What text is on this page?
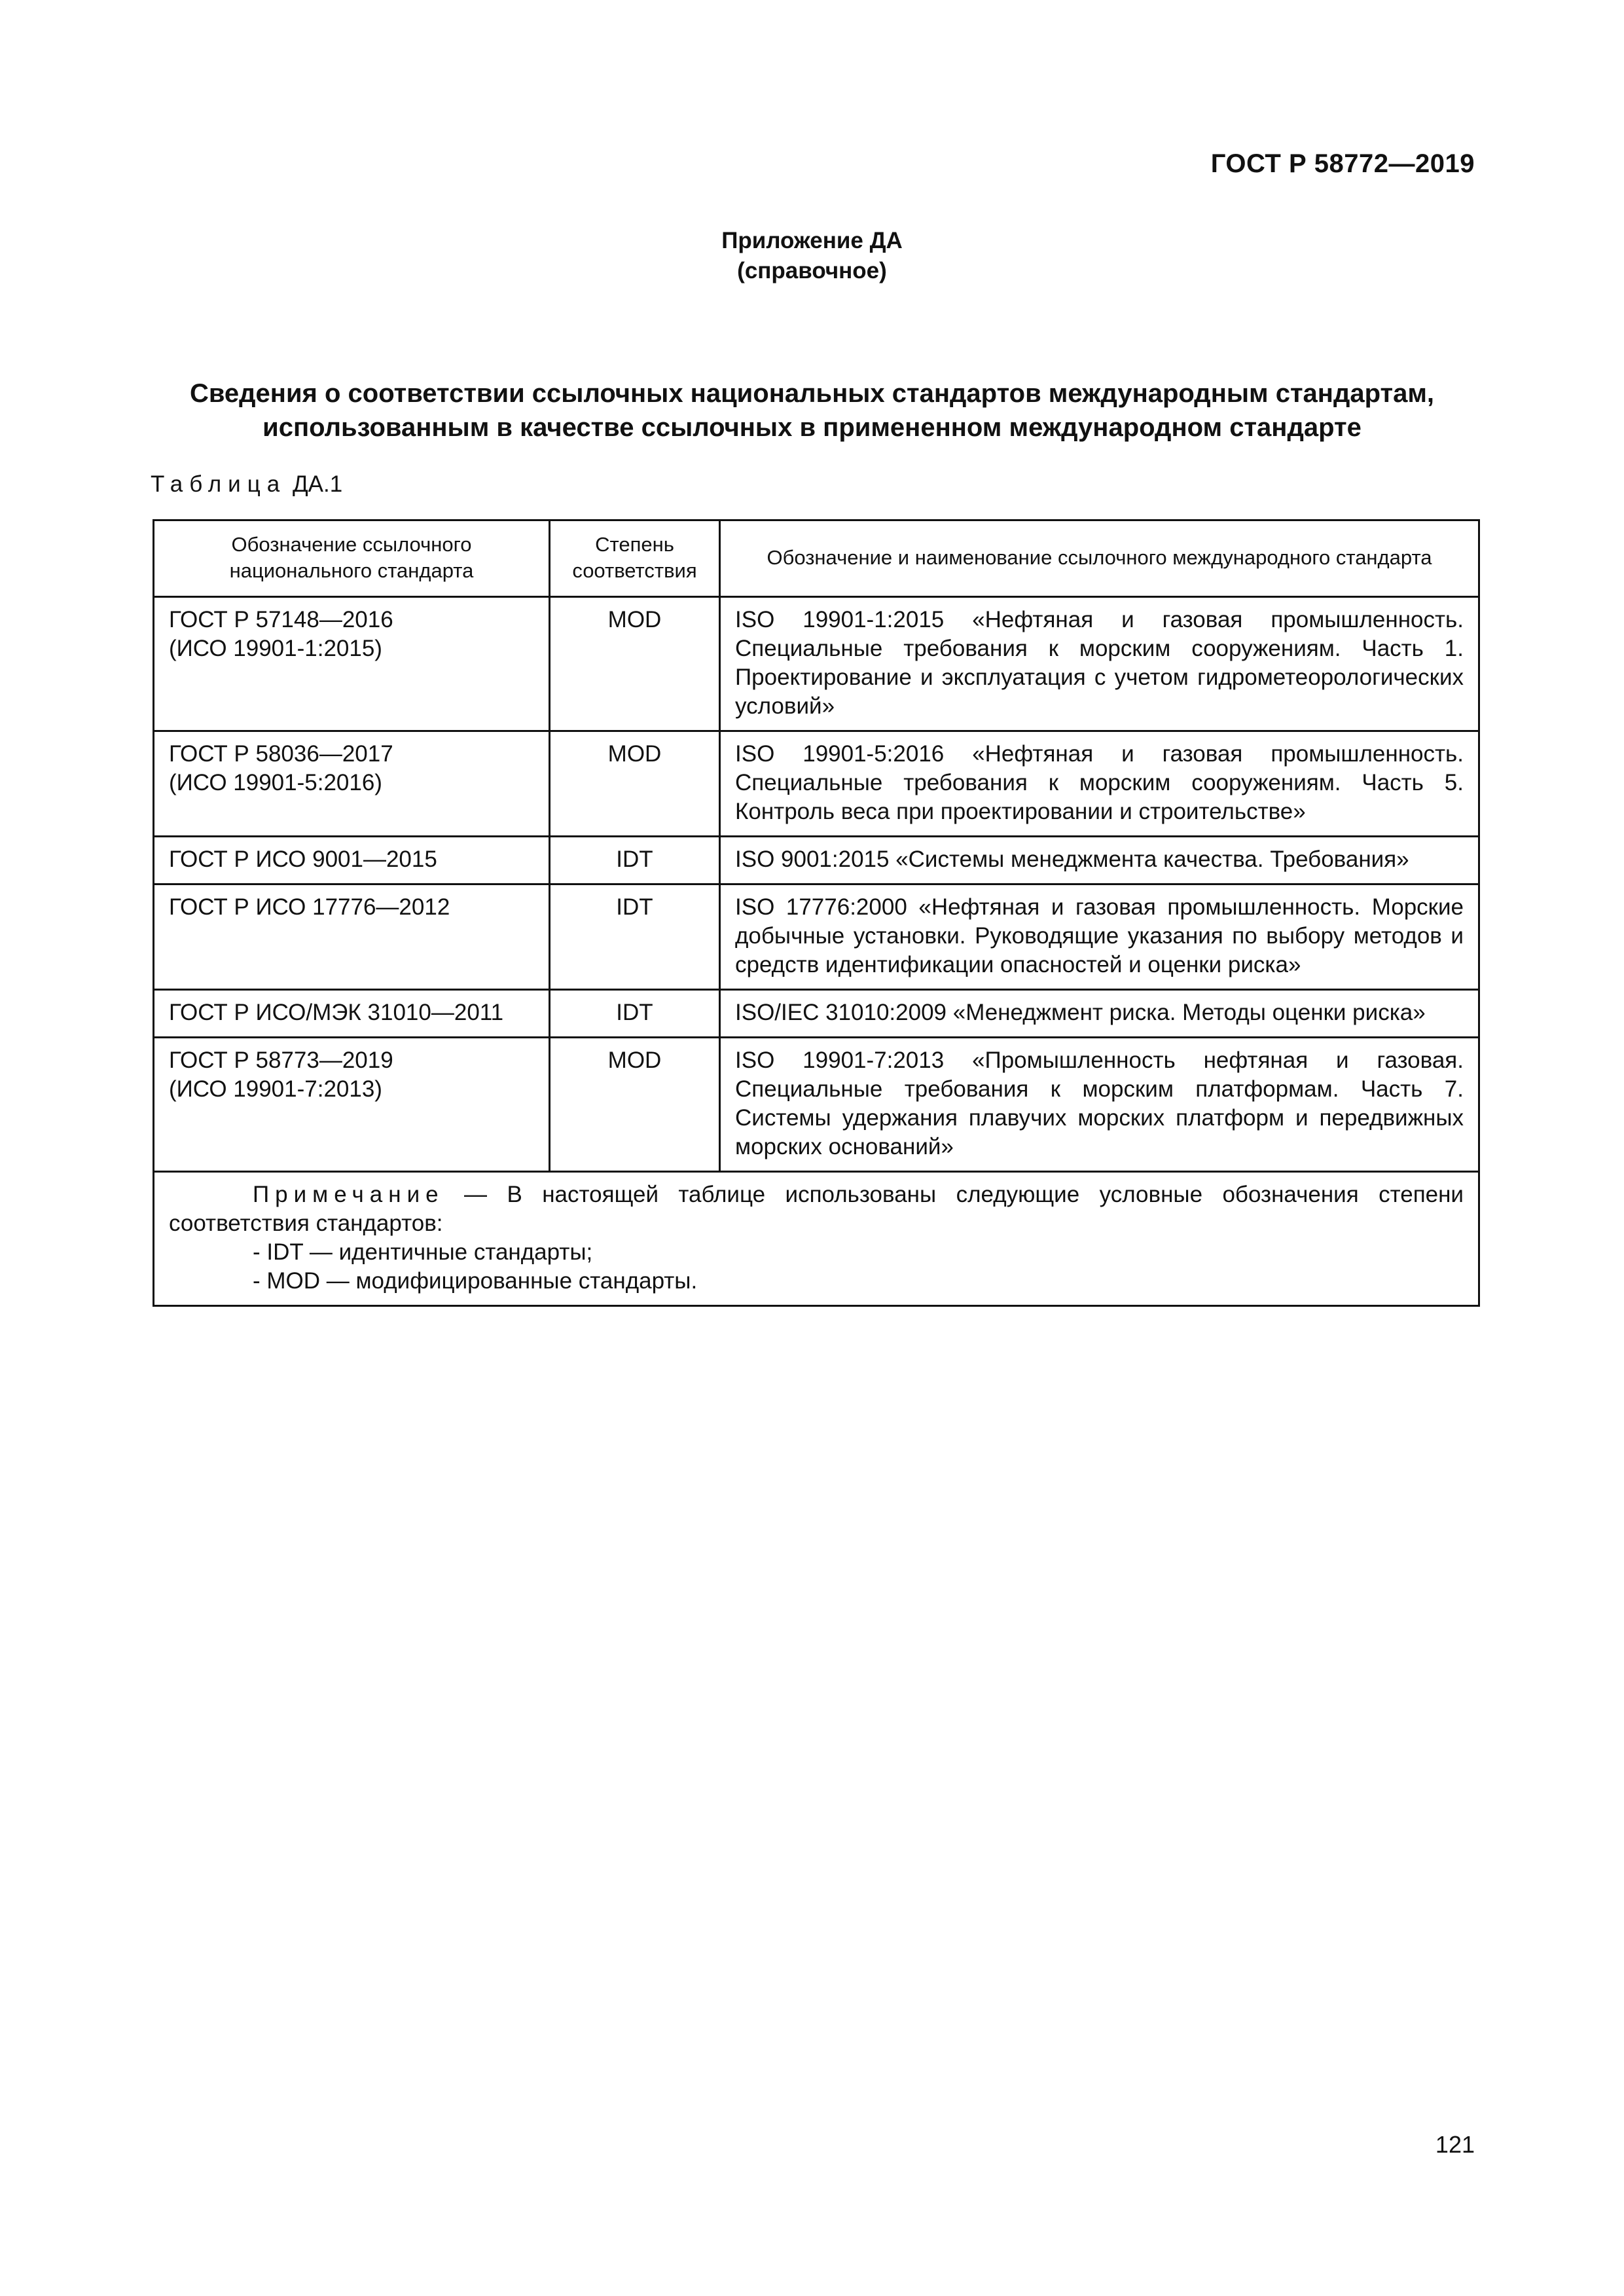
ГОСТ Р 58772—2019
Приложение ДА
(справочное)
Сведения о соответствии ссылочных национальных стандартов международным стандартам,
использованным в качестве ссылочных в примененном международном стандарте
Таблица ДА.1
Обозначение ссылочного национального стандарта	Степень соответствия	Обозначение и наименование ссылочного международного стандарта

ГОСТ Р 57148—2016
(ИСО 19901-1:2015)	MOD	ISO 19901-1:2015 «Нефтяная и газовая промышленность. Специальные требования к морским сооружениям. Часть 1. Проектирование и эксплуатация с учетом гидрометеорологических условий»

ГОСТ Р 58036—2017
(ИСО 19901-5:2016)	MOD	ISO 19901-5:2016 «Нефтяная и газовая промышленность. Специальные требования к морским сооружениям. Часть 5. Контроль веса при проектировании и строительстве»

ГОСТ Р ИСО 9001—2015	IDT	ISO 9001:2015 «Системы менеджмента качества. Требования»

ГОСТ Р ИСО 17776—2012	IDT	ISO 17776:2000 «Нефтяная и газовая промышленность. Морские добычные установки. Руководящие указания по выбору методов и средств идентификации опасностей и оценки риска»

ГОСТ Р ИСО/МЭК 31010—2011	IDT	ISO/IEC 31010:2009 «Менеджмент риска. Методы оценки риска»

ГОСТ Р 58773—2019
(ИСО 19901-7:2013)	MOD	ISO 19901-7:2013 «Промышленность нефтяная и газовая. Специальные требования к морским платформам. Часть 7. Системы удержания плавучих морских платформ и передвижных морских оснований»

Примечание — В настоящей таблице использованы следующие условные обозначения степени соответствия стандартов:
- IDT — идентичные стандарты;
- MOD — модифицированные стандарты.		
121
